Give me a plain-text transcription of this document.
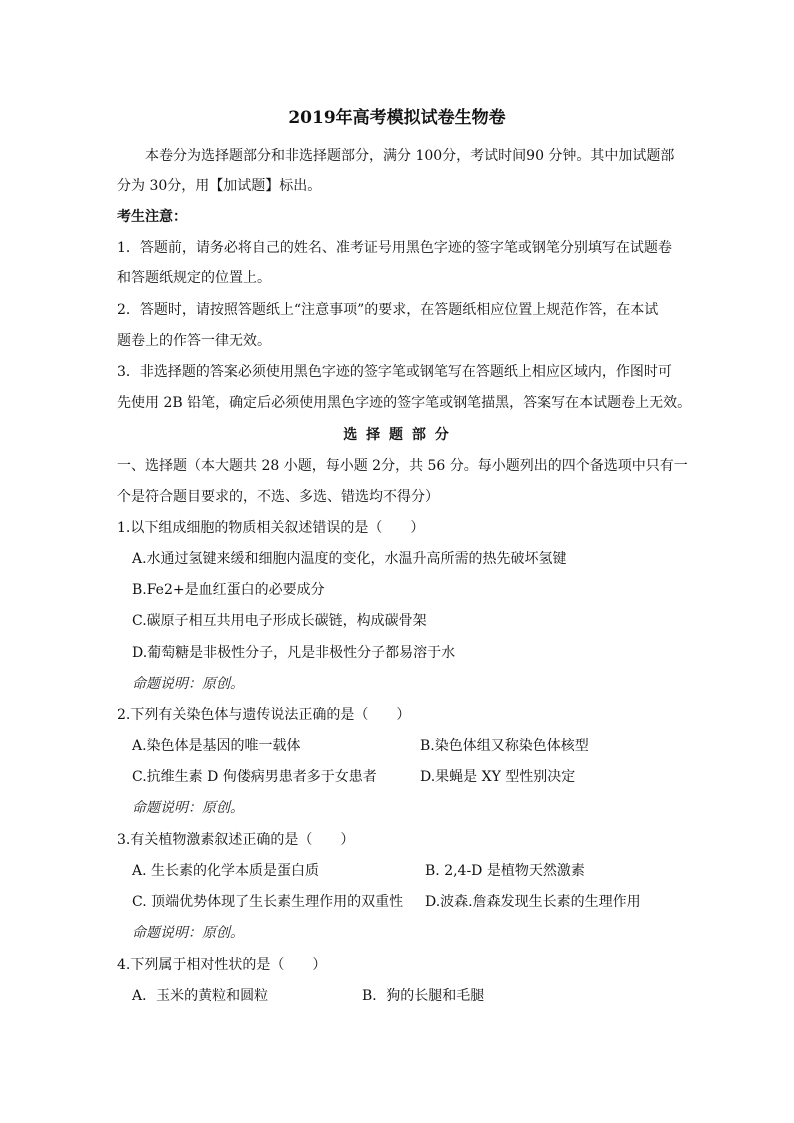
2019年高考模拟试卷生物卷
本卷分为选择题部分和非选择题部分，满分 100分，考试时间90 分钟。其中加试题部
分为 30分，用【加试题】标出。
考生注意：
1．答题前，请务必将自己的姓名、准考证号用黑色字迹的签字笔或钢笔分别填写在试题卷
和答题纸规定的位置上。
2．答题时，请按照答题纸上“注意事项”的要求，在答题纸相应位置上规范作答，在本试
题卷上的作答一律无效。
3．非选择题的答案必须使用黑色字迹的签字笔或钢笔写在答题纸上相应区域内，作图时可
先使用 2B 铅笔，确定后必须使用黑色字迹的签字笔或钢笔描黑，答案写在本试题卷上无效。
选 择 题 部 分
一、选择题（本大题共 28 小题，每小题 2分，共 56 分。每小题列出的四个备选项中只有一
个是符合题目要求的，不选、多选、错选均不得分）
1.以下组成细胞的物质相关叙述错误的是（　　）
A.水通过氢键来缓和细胞内温度的变化，水温升高所需的热先破坏氢键
B.Fe2+是血红蛋白的必要成分
C.碳原子相互共用电子形成长碳链，构成碳骨架
D.葡萄糖是非极性分子，凡是非极性分子都易溶于水
命题说明：原创。
2.下列有关染色体与遗传说法正确的是（　　）
A.染色体是基因的唯一载体	B.染色体组又称染色体核型
C.抗维生素 D 佝偻病男患者多于女患者	D.果蝇是 XY 型性别决定
命题说明：原创。
3.有关植物激素叙述正确的是（　　）
A. 生长素的化学本质是蛋白质	B. 2,4-D 是植物天然激素
C. 顶端优势体现了生长素生理作用的双重性 D.波森.詹森发现生长素的生理作用
命题说明：原创。
4.下列属于相对性状的是（　　）
A．玉米的黄粒和圆粒	B．狗的长腿和毛腿
